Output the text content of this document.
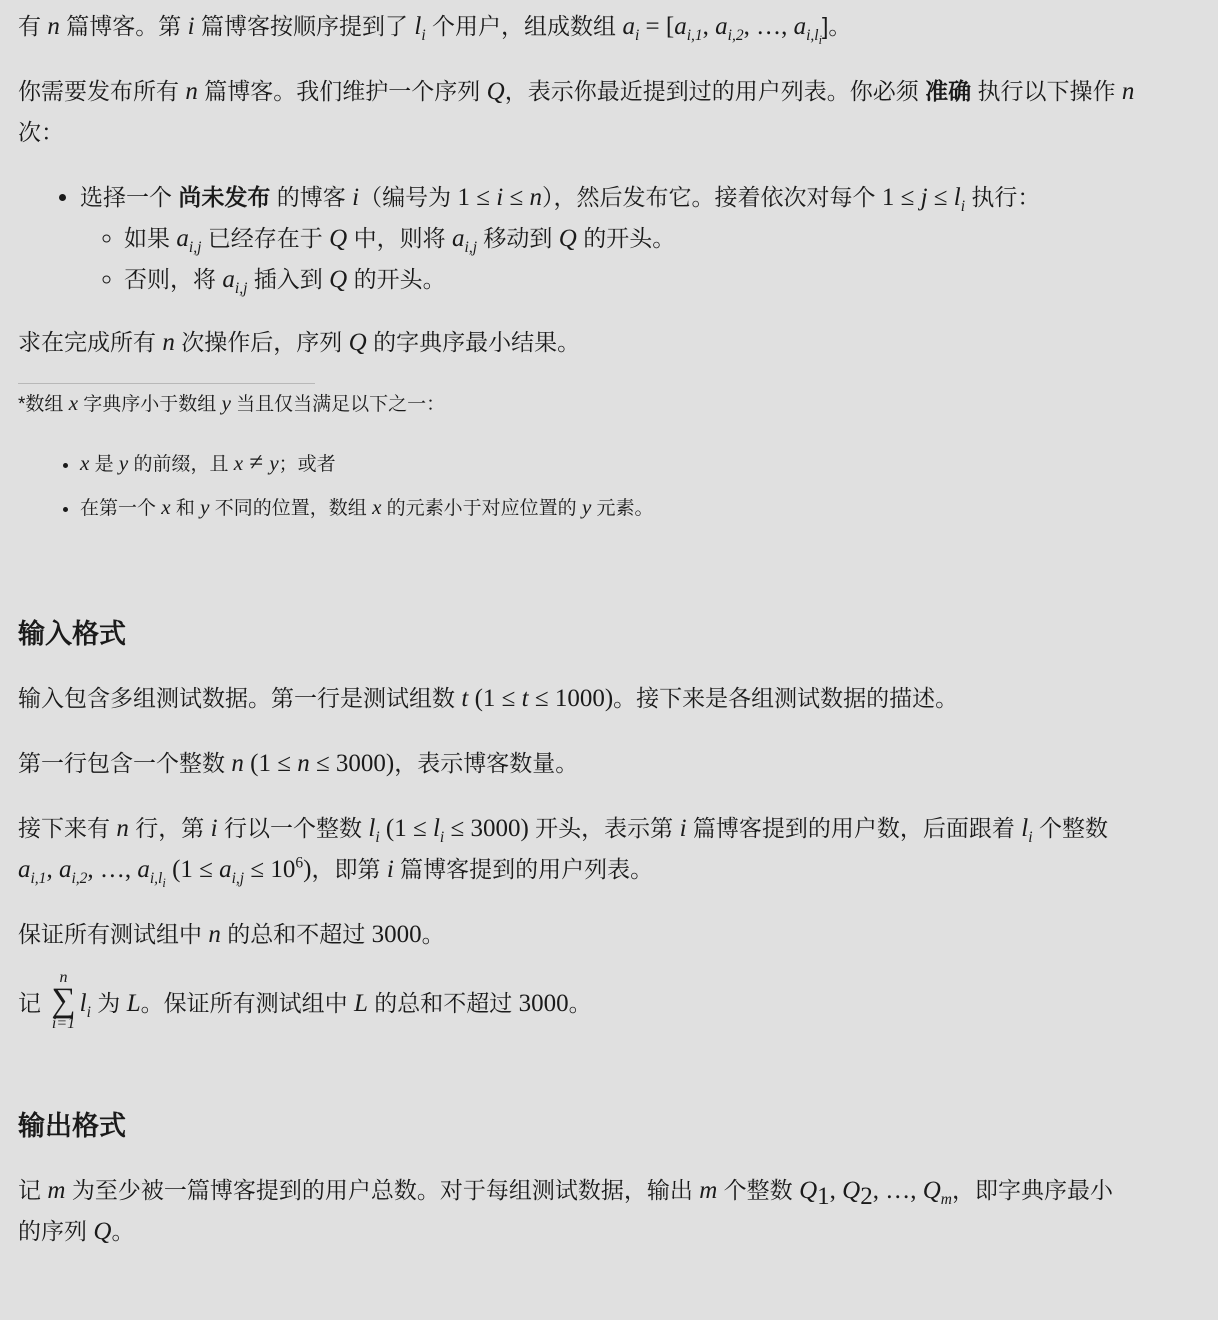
有 n 篇博客。第 i 篇博客按顺序提到了 $l_i$ 个用户，组成数组 $a_i = [a_{i,1}$, $a_{i,2}$, …, $a_{i,l_i}$]。

你需要发布所有 n 篇博客。我们维护一个序列 Q，表示你最近提到过的用户列表。你必须 准确 执行以下操作 n
次：

• 选择一个 尚未发布 的博客 i（编号为 1 ≤ i ≤ n），然后发布它。接着依次对每个 $1 \le j \le l_i$ 执行：
◦ 如果 $a_{i,j}$ 已经存在于 Q 中，则将 $a_{i,j}$ 移动到 Q 的开头。
◦ 否则，将 $a_{i,j}$ 插入到 Q 的开头。

求在完成所有 n 次操作后，序列 Q 的字典序最小结果。

*数组 x 字典序小于数组 y 当且仅当满足以下之一：
• x 是 y 的前缀，且 x ≠ y；或者
• 在第一个 x 和 y 不同的位置，数组 x 的元素小于对应位置的 y 元素。
输入格式

输入包含多组测试数据。第一行是测试组数 t (1 ≤ t ≤ 1000)。接下来是各组测试数据的描述。

第一行包含一个整数 n (1 ≤ n ≤ 3000)，表示博客数量。

接下来有 n 行，第 i 行以一个整数 $l_i$ $(1 \le l_i \le 3000)$ 开头，表示第 i 篇博客提到的用户数，后面跟着 $l_i$ 个整数
$a_{i,1}$, $a_{i,2}$, …, $a_{i,l_i}$ $(1 \le a_{i,j} \le 10^6)$，即第 i 篇博客提到的用户列表。

保证所有测试组中 n 的总和不超过 3000。

记
n
∑
i=1
$l_i$ 为 L。保证所有测试组中 L 的总和不超过 3000。

输出格式

记 m 为至少被一篇博客提到的用户总数。对于每组测试数据，输出 m 个整数 $Q_1$, $Q_2$, …, $Q_m$，即字典序最小
的序列 Q。
